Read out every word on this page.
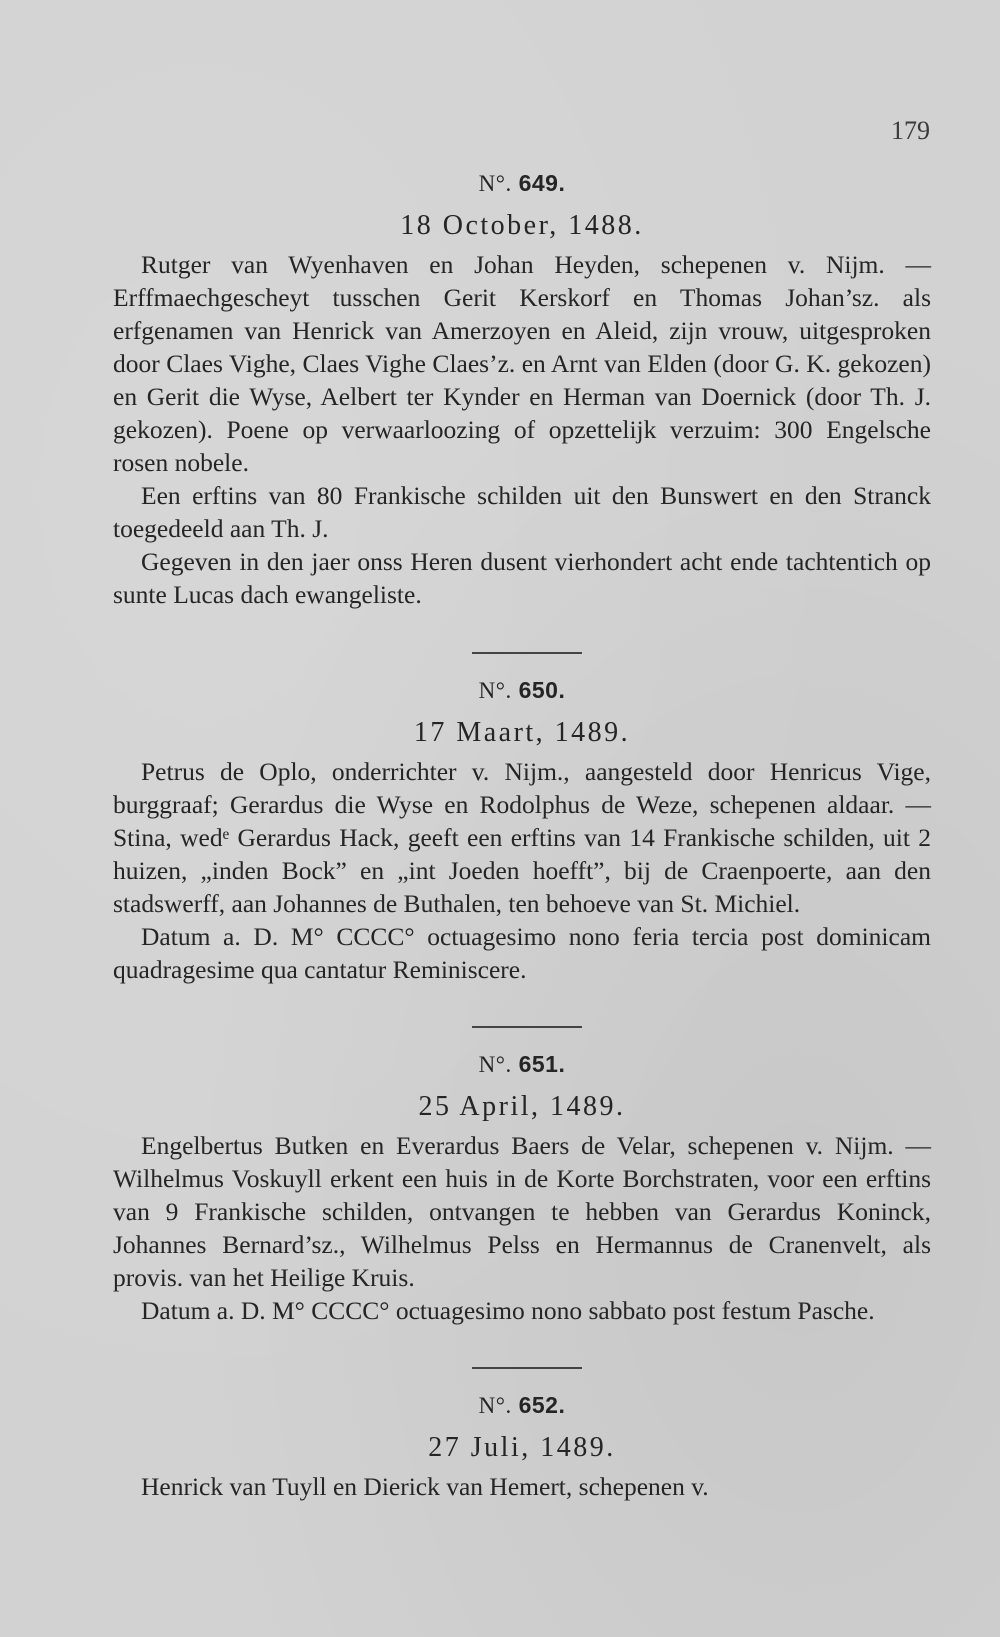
179

N°. 649.

18 October, 1488.

Rutger van Wyenhaven en Johan Heyden, schepenen v. Nijm. — Erffmaechgescheyt tusschen Gerit Kerskorf en Thomas Johan’sz. als erfgenamen van Henrick van Amerzoyen en Aleid, zijn vrouw, uitgesproken door Claes Vighe, Claes Vighe Claes’z. en Arnt van Elden (door G. K. gekozen) en Gerit die Wyse, Aelbert ter Kynder en Herman van Doernick (door Th. J. gekozen). Poene op verwaarloozing of opzettelijk verzuim: 300 Engelsche rosen nobele.

Een erftins van 80 Frankische schilden uit den Bunswert en den Stranck toegedeeld aan Th. J.

Gegeven in den jaer onss Heren dusent vierhondert acht ende tachtentich op sunte Lucas dach ewangeliste.

N°. 650.

17 Maart, 1489.

Petrus de Oplo, onderrichter v. Nijm., aangesteld door Henricus Vige, burggraaf; Gerardus die Wyse en Rodolphus de Weze, schepenen aldaar. — Stina, wedᵉ Gerardus Hack, geeft een erftins van 14 Frankische schilden, uit 2 huizen, „inden Bock” en „int Joeden hoefft”, bij de Craenpoerte, aan den stadswerff, aan Johannes de Buthalen, ten behoeve van St. Michiel.

Datum a. D. M° CCCC° octuagesimo nono feria tercia post dominicam quadragesime qua cantatur Reminiscere.

N°. 651.

25 April, 1489.

Engelbertus Butken en Everardus Baers de Velar, schepenen v. Nijm. — Wilhelmus Voskuyll erkent een huis in de Korte Borchstraten, voor een erftins van 9 Frankische schilden, ontvangen te hebben van Gerardus Koninck, Johannes Bernard’sz., Wilhelmus Pelss en Hermannus de Cranenvelt, als provis. van het Heilige Kruis.

Datum a. D. M° CCCC° octuagesimo nono sabbato post festum Pasche.

N°. 652.

27 Juli, 1489.

Henrick van Tuyll en Dierick van Hemert, schepenen v.
